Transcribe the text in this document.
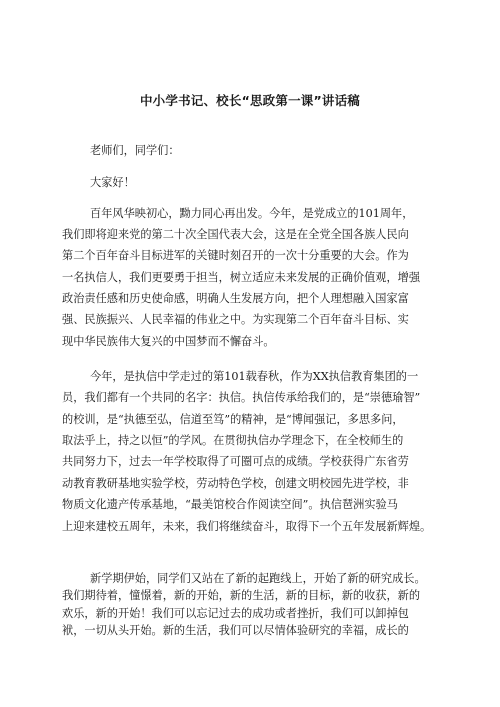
中小学书记、校长“思政第一课”讲话稿
老师们，同学们：
大家好！
百年风华映初心，黝力同心再出发。今年，是党成立的101周年，
我们即将迎来党的第二十次全国代表大会，这是在全党全国各族人民向
第二个百年奋斗目标进军的关键时刻召开的一次十分重要的大会。作为
一名执信人，我们更要勇于担当，树立适应未来发展的正确价值观，增强
政治责任感和历史使命感，明确人生发展方向，把个人理想融入国家富
强、民族振兴、人民幸福的伟业之中。为实现第二个百年奋斗目标、实
现中华民族伟大复兴的中国梦而不懈奋斗。
今年，是执信中学走过的第101载春秋，作为XX执信教育集团的一
员，我们都有一个共同的名字：执信。执信传承给我们的，是“崇德瑜智”
的校训，是“执德至弘，信道至笃”的精神，是“博闻强记，多思多问，
取法乎上，持之以恒”的学风。在贯彻执信办学理念下，在全校师生的
共同努力下，过去一年学校取得了可圈可点的成绩。学校获得广东省劳
动教育教研基地实验学校，劳动特色学校，创建文明校园先进学校，非
物质文化遗产传承基地，“最美馆校合作阅读空间”。执信琶洲实验马
上迎来建校五周年，未来，我们将继续奋斗，取得下一个五年发展新辉煌。
新学期伊始，同学们又站在了新的起跑线上，开始了新的研究成长。
我们期待着，憧憬着，新的开始，新的生活，新的目标，新的收获，新的
欢乐，新的开始！我们可以忘记过去的成功或者挫折，我们可以卸掉包
袱，一切从头开始。新的生活，我们可以尽情体验研究的幸福，成长的
